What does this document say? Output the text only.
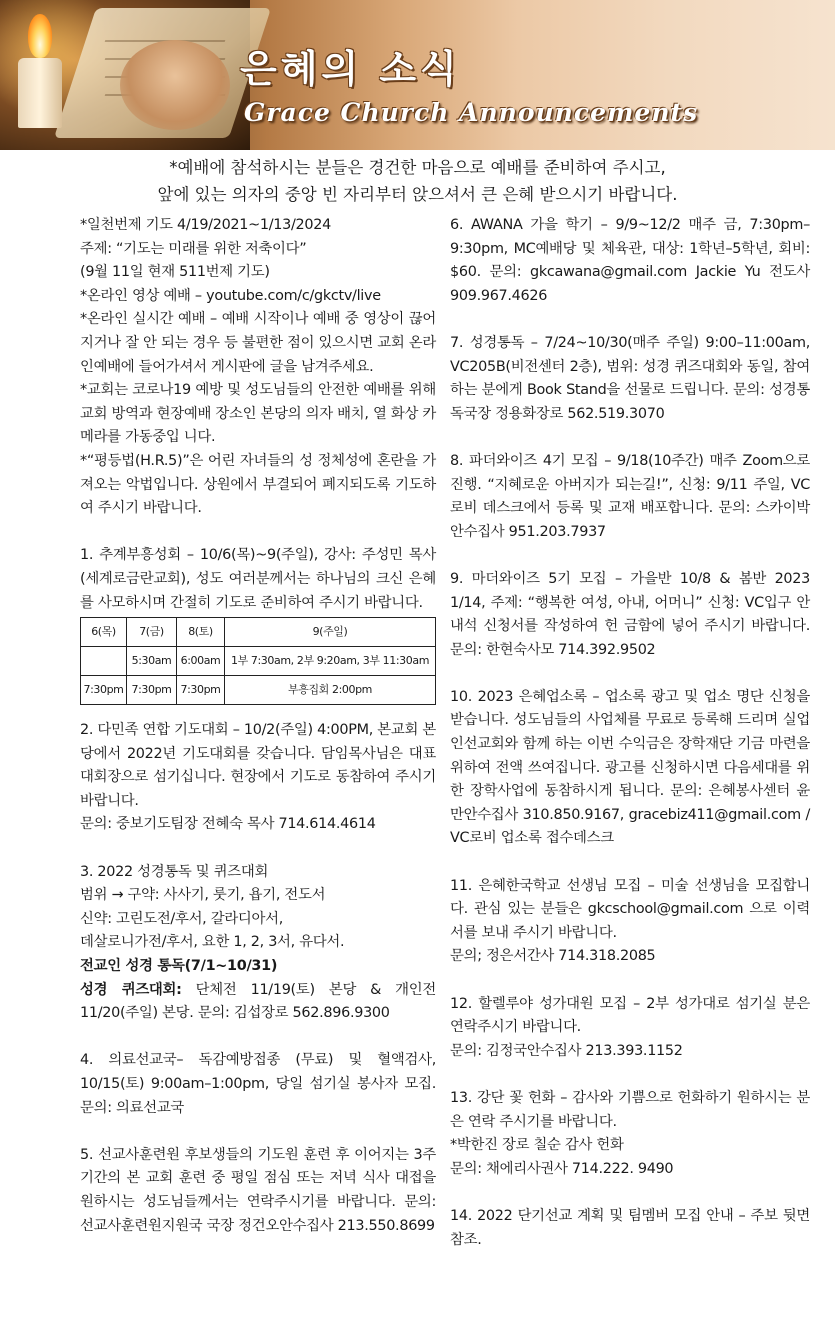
은혜의 소식
Grace Church Announcements
*예배에 참석하시는 분들은 경건한 마음으로 예배를 준비하여 주시고,
앞에 있는 의자의 중앙 빈 자리부터 앉으셔서 큰 은혜 받으시기 바랍니다.

*일천번제 기도 4/19/2021~1/13/2024

주제: “기도는 미래를 위한 저축이다”

(9월 11일 현재 511번제 기도)

*온라인 영상 예배 – youtube.com/c/gkctv/live

*온라인 실시간 예배 – 예배 시작이나 예배 중 영상이 끊어지거나 잘 안 되는 경우 등 불편한 점이 있으시면 교회 온라인예배에 들어가셔서 게시판에 글을 남겨주세요.

*교회는 코로나19 예방 및 성도님들의 안전한 예배를 위해 교회 방역과 현장예배 장소인 본당의 의자 배치, 열 화상 카메라를 가동중입 니다.

*“평등법(H.R.5)”은 어린 자녀들의 성 정체성에 혼란을 가져오는 악법입니다. 상원에서 부결되어 폐지되도록 기도하여 주시기 바랍니다.

1. 추계부흥성회 – 10/6(목)~9(주일), 강사: 주성민 목사(세계로금란교회), 성도 여러분께서는 하나님의 크신 은혜를 사모하시며 간절히 기도로 준비하여 주시기 바랍니다.

6(목)	7(금)	8(토)	9(주일)
	5:30am	6:00am	1부 7:30am, 2부 9:20am, 3부 11:30am
7:30pm	7:30pm	7:30pm	부흥집회 2:00pm

2. 다민족 연합 기도대회 – 10/2(주일) 4:00PM, 본교회 본당에서 2022년 기도대회를 갖습니다. 담임목사님은 대표대회장으로 섬기십니다. 현장에서 기도로 동참하여 주시기 바랍니다.

문의: 중보기도팀장 전혜숙 목사 714.614.4614

3. 2022 성경통독 및 퀴즈대회

범위 → 구약: 사사기, 룻기, 욥기, 전도서

신약: 고린도전/후서, 갈라디아서,

데살로니가전/후서, 요한 1, 2, 3서, 유다서.

전교인 성경 통독(7/1~10/31)

성경 퀴즈대회: 단체전 11/19(토) 본당 & 개인전 11/20(주일) 본당. 문의: 김섭장로 562.896.9300

4. 의료선교국– 독감예방접종 (무료) 및 혈액검사, 10/15(토) 9:00am–1:00pm, 당일 섬기실 봉사자 모집. 문의: 의료선교국

5. 선교사훈련원 후보생들의 기도원 훈련 후 이어지는 3주 기간의 본 교회 훈련 중 평일 점심 또는 저녁 식사 대접을 원하시는 성도님들께서는 연락주시기를 바랍니다. 문의: 선교사훈련원지원국 국장 정건오안수집사 213.550.8699

6. AWANA 가을 학기 – 9/9~12/2 매주 금, 7:30pm–9:30pm, MC예배당 및 체육관, 대상: 1학년–5학년, 회비: $60. 문의: gkcawana@gmail.com Jackie Yu 전도사 909.967.4626

7. 성경통독 – 7/24~10/30(매주 주일) 9:00–11:00am, VC205B(비전센터 2층), 범위: 성경 퀴즈대회와 동일, 참여하는 분에게 Book Stand을 선물로 드립니다. 문의: 성경통독국장 정용화장로 562.519.3070

8. 파더와이즈 4기 모집 – 9/18(10주간) 매주 Zoom으로 진행. “지혜로운 아버지가 되는길!”, 신청: 9/11 주일, VC로비 데스크에서 등록 및 교재 배포합니다. 문의: 스카이박안수집사 951.203.7937

9. 마더와이즈 5기 모집 – 가을반 10/8 & 봄반 2023 1/14, 주제: “행복한 여성, 아내, 어머니” 신청: VC입구 안내석 신청서를 작성하여 헌 금함에 넣어 주시기 바랍니다. 문의: 한현숙사모 714.392.9502

10. 2023 은혜업소록 – 업소록 광고 및 업소 명단 신청을 받습니다. 성도님들의 사업체를 무료로 등록해 드리며 실업인선교회와 함께 하는 이번 수익금은 장학재단 기금 마련을 위하여 전액 쓰여집니다. 광고를 신청하시면 다음세대를 위한 장학사업에 동참하시게 됩니다. 문의: 은혜봉사센터 윤만안수집사 310.850.9167, gracebiz411@gmail.com / VC로비 업소록 접수데스크

11. 은혜한국학교 선생님 모집 – 미술 선생님을 모집합니다. 관심 있는 분들은 gkcschool@gmail.com 으로 이력서를 보내 주시기 바랍니다.

문의; 정은서간사 714.318.2085

12. 할렐루야 성가대원 모집 – 2부 성가대로 섬기실 분은 연락주시기 바랍니다.

문의: 김정국안수집사 213.393.1152

13. 강단 꽃 헌화 – 감사와 기쁨으로 헌화하기 원하시는 분은 연락 주시기를 바랍니다.

*박한진 장로 칠순 감사 헌화

문의: 채에리사권사 714.222. 9490

14. 2022 단기선교 계획 및 팀멤버 모집 안내 – 주보 뒷면 참조.
